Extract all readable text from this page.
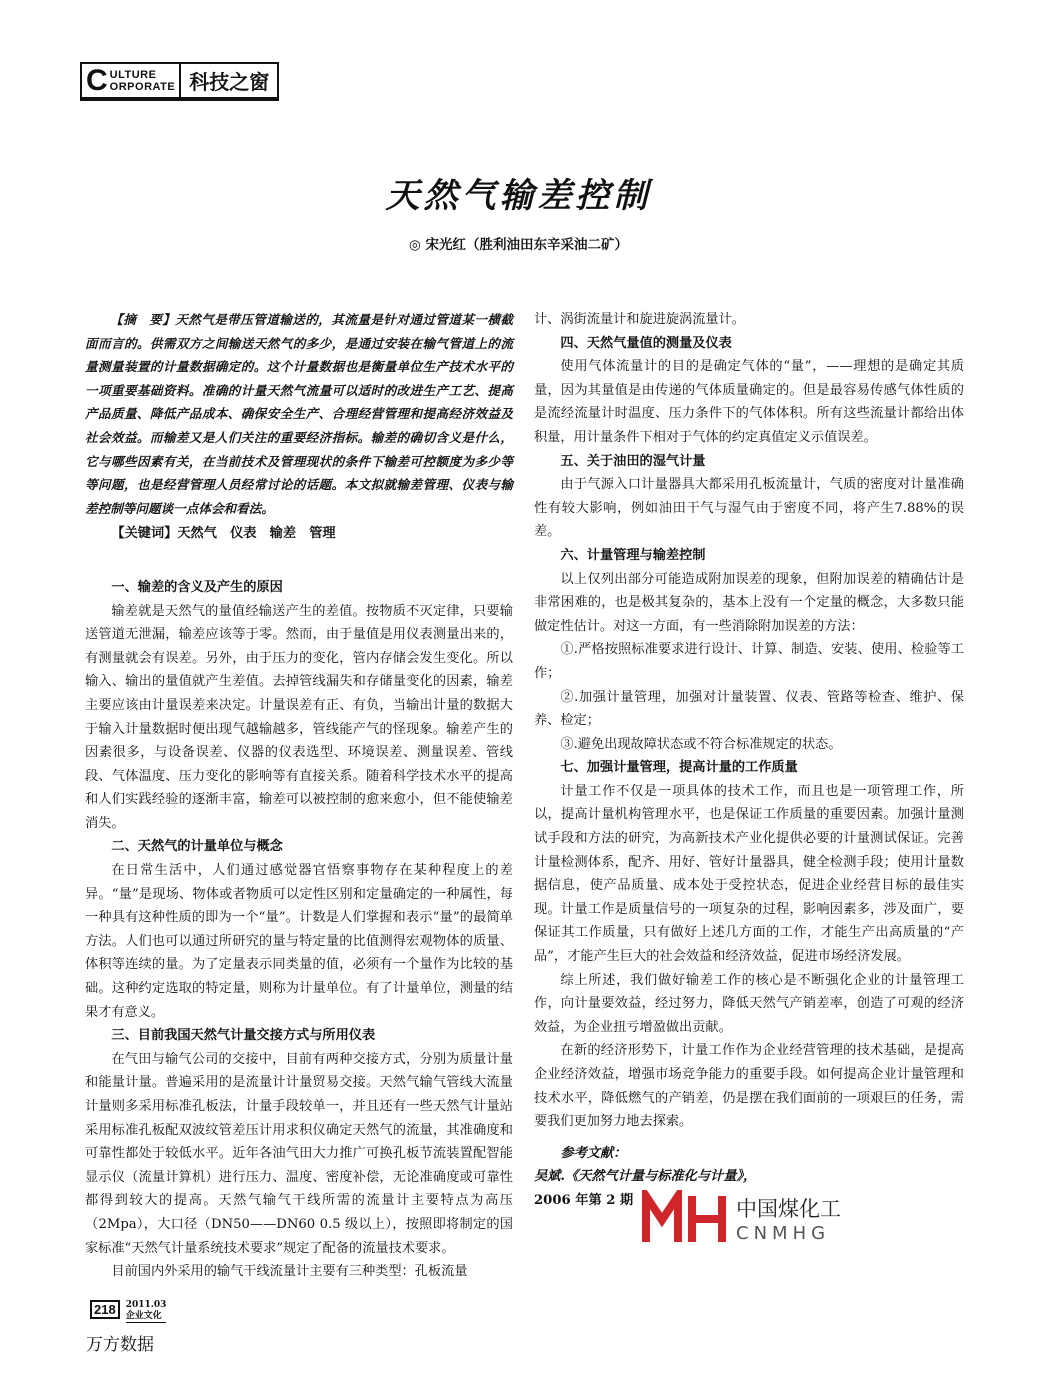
C ULTURE
ORPORATE 科技之窗
天然气输差控制
◎ 宋光红（胜利油田东辛采油二矿）

【摘　要】天然气是带压管道输送的，其流量是针对通过管道某一横截面而言的。供需双方之间输送天然气的多少，是通过安装在输气管道上的流量测量装置的计量数据确定的。这个计量数据也是衡量单位生产技术水平的一项重要基础资料。准确的计量天然气流量可以适时的改进生产工艺、提高产品质量、降低产品成本、确保安全生产、合理经营管理和提高经济效益及社会效益。而输差又是人们关注的重要经济指标。输差的确切含义是什么，它与哪些因素有关，在当前技术及管理现状的条件下输差可控额度为多少等等问题，也是经营管理人员经常讨论的话题。本文拟就输差管理、仪表与输差控制等问题谈一点体会和看法。

【关键词】天然气　仪表　输差　管理

一、输差的含义及产生的原因

输差就是天然气的量值经输送产生的差值。按物质不灭定律，只要输送管道无泄漏，输差应该等于零。然而，由于量值是用仪表测量出来的，有测量就会有误差。另外，由于压力的变化，管内存储会发生变化。所以输入、输出的量值就产生差值。去掉管线漏失和存储量变化的因素，输差主要应该由计量误差来决定。计量误差有正、有负，当输出计量的数据大于输入计量数据时便出现气越输越多，管线能产气的怪现象。输差产生的因素很多，与设备误差、仪器的仪表选型、环境误差、测量误差、管线段、气体温度、压力变化的影响等有直接关系。随着科学技术水平的提高和人们实践经验的逐渐丰富，输差可以被控制的愈来愈小，但不能使输差消失。

二、天然气的计量单位与概念

在日常生活中，人们通过感觉器官悟察事物存在某种程度上的差异。“量”是现场、物体或者物质可以定性区别和定量确定的一种属性，每一种具有这种性质的即为一个“量”。计数是人们掌握和表示“量”的最简单方法。人们也可以通过所研究的量与特定量的比值测得宏观物体的质量、体积等连续的量。为了定量表示同类量的值，必须有一个量作为比较的基础。这种约定选取的特定量，则称为计量单位。有了计量单位，测量的结果才有意义。

三、目前我国天然气计量交接方式与所用仪表

在气田与输气公司的交接中，目前有两种交接方式，分别为质量计量和能量计量。普遍采用的是流量计计量贸易交接。天然气输气管线大流量计量则多采用标准孔板法，计量手段较单一，并且还有一些天然气计量站采用标准孔板配双波纹管差压计用求积仪确定天然气的流量，其准确度和可靠性都处于较低水平。近年各油气田大力推广可换孔板节流装置配智能显示仪（流量计算机）进行压力、温度、密度补偿，无论准确度或可靠性都得到较大的提高。天然气输气干线所需的流量计主要特点为高压（2Mpa），大口径（DN50——DN60 0.5 级以上），按照即将制定的国家标准“天然气计量系统技术要求”规定了配备的流量技术要求。

目前国内外采用的输气干线流量计主要有三种类型：孔板流量

计、涡街流量计和旋进旋涡流量计。

四、天然气量值的测量及仪表

使用气体流量计的目的是确定气体的“量”，——理想的是确定其质量，因为其量值是由传递的气体质量确定的。但是最容易传感气体性质的是流经流量计时温度、压力条件下的气体体积。所有这些流量计都给出体积量，用计量条件下相对于气体的约定真值定义示值误差。

五、关于油田的湿气计量

由于气源入口计量器具大都采用孔板流量计，气质的密度对计量准确性有较大影响，例如油田干气与湿气由于密度不同，将产生7.88%的误差。

六、计量管理与输差控制

以上仅列出部分可能造成附加误差的现象，但附加误差的精确估计是非常困难的，也是极其复杂的，基本上没有一个定量的概念，大多数只能做定性估计。对这一方面，有一些消除附加误差的方法：

①.严格按照标准要求进行设计、计算、制造、安装、使用、检验等工作；

②.加强计量管理，加强对计量装置、仪表、管路等检查、维护、保养、检定；

③.避免出现故障状态或不符合标准规定的状态。

七、加强计量管理，提高计量的工作质量

计量工作不仅是一项具体的技术工作，而且也是一项管理工作，所以，提高计量机构管理水平，也是保证工作质量的重要因素。加强计量测试手段和方法的研究，为高新技术产业化提供必要的计量测试保证。完善计量检测体系，配齐、用好、管好计量器具，健全检测手段；使用计量数据信息，使产品质量、成本处于受控状态，促进企业经营目标的最佳实现。计量工作是质量信号的一项复杂的过程，影响因素多，涉及面广，要保证其工作质量，只有做好上述几方面的工作，才能生产出高质量的“产品”，才能产生巨大的社会效益和经济效益，促进市场经济发展。

综上所述，我们做好输差工作的核心是不断强化企业的计量管理工作，向计量要效益，经过努力，降低天然气产销差率，创造了可观的经济效益，为企业扭亏增盈做出贡献。

在新的经济形势下，计量工作作为企业经营管理的技术基础，是提高企业经济效益，增强市场竞争能力的重要手段。如何提高企业计量管理和技术水平，降低燃气的产销差，仍是摆在我们面前的一项艰巨的任务，需要我们更加努力地去探索。

参考文献：

吴斌.《天然气计量与标准化与计量》，

2006 年第 2 期	中国煤化工
CNMHG
218	2011.03
企业文化
万方数据
